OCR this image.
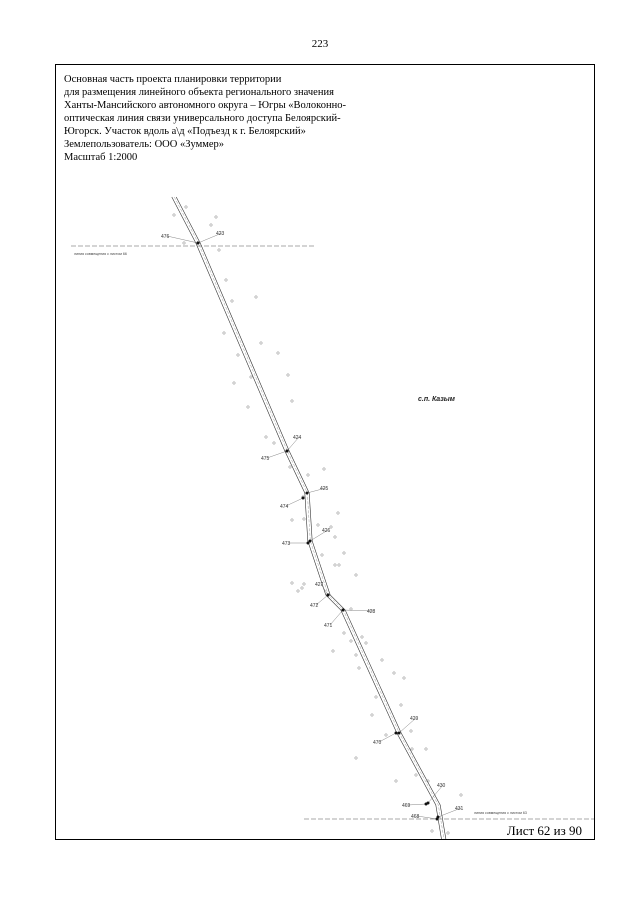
223
линия совмещения с листом 66
линия совмещения с листом 63
476	423
424
475
425
474
426
473
427
472
428
471
429
470
430
469	431
468
с.п. Казым
Основная часть проекта планировки территории
для размещения линейного объекта регионального значения
Ханты-Мансийского автономного округа – Югры «Волоконно-
оптическая линия связи универсального доступа Белоярский-
Югорск. Участок вдоль а\д «Подъезд к г. Белоярский»
Землепользователь: ООО «Зуммер»
Масштаб 1:2000
Лист 62 из 90
